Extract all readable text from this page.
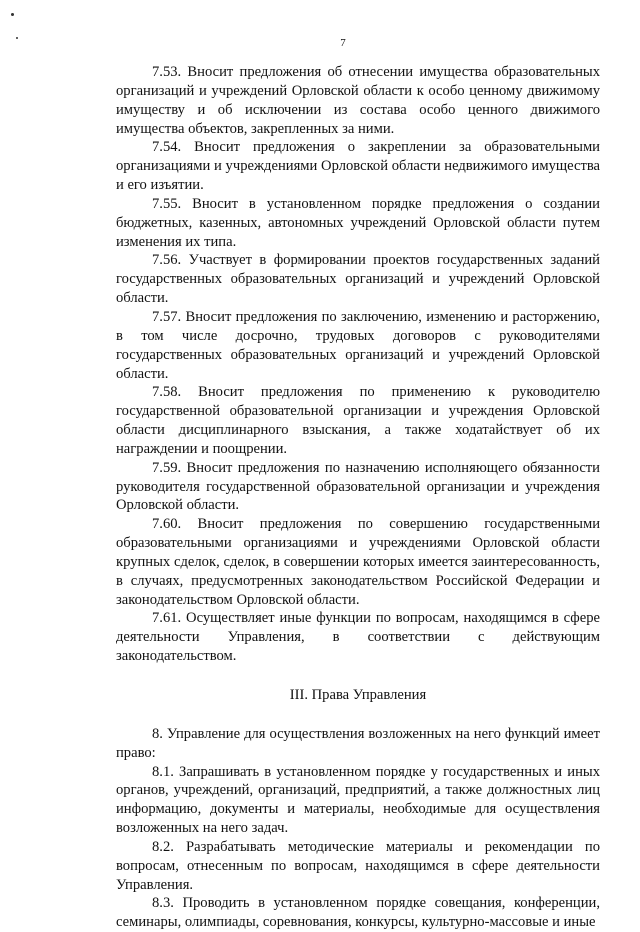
7

7.53. Вносит предложения об отнесении имущества образовательных организаций и учреждений Орловской области к особо ценному движимому имуществу и об исключении из состава особо ценного движимого имущества объектов, закрепленных за ними.

7.54. Вносит предложения о закреплении за образовательными организациями и учреждениями Орловской области недвижимого имущества и его изъятии.

7.55. Вносит в установленном порядке предложения о создании бюджетных, казенных, автономных учреждений Орловской области путем изменения их типа.

7.56. Участвует в формировании проектов государственных заданий государственных образовательных организаций и учреждений Орловской области.

7.57. Вносит предложения по заключению, изменению и расторжению, в том числе досрочно, трудовых договоров с руководителями государственных образовательных организаций и учреждений Орловской области.

7.58. Вносит предложения по применению к руководителю государственной образовательной организации и учреждения Орловской области дисциплинарного взыскания, а также ходатайствует об их награждении и поощрении.

7.59. Вносит предложения по назначению исполняющего обязанности руководителя государственной образовательной организации и учреждения Орловской области.

7.60. Вносит предложения по совершению государственными образовательными организациями и учреждениями Орловской области крупных сделок, сделок, в совершении которых имеется заинтересованность, в случаях, предусмотренных законодательством Российской Федерации и законодательством Орловской области.

7.61. Осуществляет иные функции по вопросам, находящимся в сфере деятельности Управления, в соответствии с действующим законодательством.

III. Права Управления

8. Управление для осуществления возложенных на него функций имеет право:

8.1. Запрашивать в установленном порядке у государственных и иных органов, учреждений, организаций, предприятий, а также должностных лиц информацию, документы и материалы, необходимые для осуществления возложенных на него задач.

8.2. Разрабатывать методические материалы и рекомендации по вопросам, отнесенным по вопросам, находящимся в сфере деятельности Управления.

8.3. Проводить в установленном порядке совещания, конференции, семинары, олимпиады, соревнования, конкурсы, культурно-массовые и иные
